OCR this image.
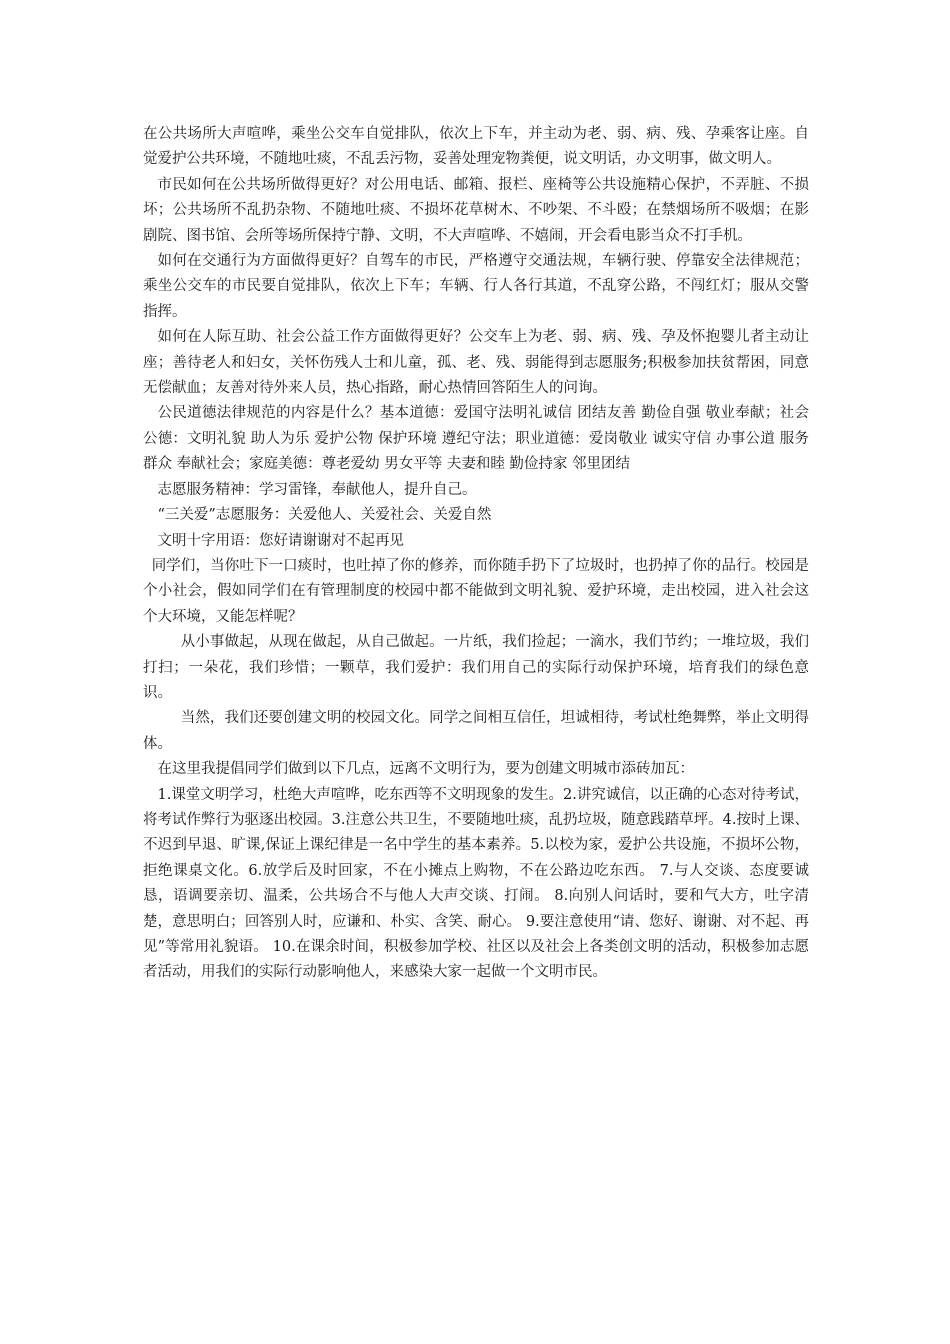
在公共场所大声喧哗，乘坐公交车自觉排队，依次上下车，并主动为老、弱、病、残、孕乘客让座。自觉爱护公共环境，不随地吐痰，不乱丢污物，妥善处理宠物粪便，说文明话，办文明事，做文明人。

市民如何在公共场所做得更好？对公用电话、邮箱、报栏、座椅等公共设施精心保护，不弄脏、不损坏；公共场所不乱扔杂物、不随地吐痰、不损坏花草树木、不吵架、不斗殴；在禁烟场所不吸烟；在影剧院、图书馆、会所等场所保持宁静、文明，不大声喧哗、不嬉闹，开会看电影当众不打手机。

如何在交通行为方面做得更好？自驾车的市民，严格遵守交通法规，车辆行驶、停靠安全法律规范；乘坐公交车的市民要自觉排队，依次上下车；车辆、行人各行其道，不乱穿公路，不闯红灯；服从交警指挥。

如何在人际互助、社会公益工作方面做得更好？公交车上为老、弱、病、残、孕及怀抱婴儿者主动让座；善待老人和妇女，关怀伤残人士和儿童，孤、老、残、弱能得到志愿服务;积极参加扶贫帮困，同意无偿献血；友善对待外来人员，热心指路，耐心热情回答陌生人的问询。

公民道德法律规范的内容是什么？基本道德：爱国守法明礼诚信 团结友善 勤俭自强 敬业奉献；社会公德：文明礼貌 助人为乐 爱护公物 保护环境 遵纪守法；职业道德：爱岗敬业 诚实守信 办事公道 服务群众 奉献社会；家庭美德：尊老爱幼 男女平等 夫妻和睦 勤俭持家 邻里团结

志愿服务精神：学习雷锋，奉献他人，提升自己。

“三关爱”志愿服务：关爱他人、关爱社会、关爱自然

文明十字用语：您好请谢谢对不起再见

同学们，当你吐下一口痰时，也吐掉了你的修养，而你随手扔下了垃圾时，也扔掉了你的品行。校园是个小社会，假如同学们在有管理制度的校园中都不能做到文明礼貌、爱护环境，走出校园，进入社会这个大环境，又能怎样呢？

从小事做起，从现在做起，从自己做起。一片纸，我们捡起；一滴水，我们节约；一堆垃圾，我们打扫；一朵花，我们珍惜；一颗草，我们爱护：我们用自己的实际行动保护环境，培育我们的绿色意识。

当然，我们还要创建文明的校园文化。同学之间相互信任，坦诚相待，考试杜绝舞弊，举止文明得体。

在这里我提倡同学们做到以下几点，远离不文明行为，要为创建文明城市添砖加瓦：

1.课堂文明学习，杜绝大声喧哗，吃东西等不文明现象的发生。2.讲究诚信，以正确的心态对待考试，将考试作弊行为驱逐出校园。3.注意公共卫生，不要随地吐痰，乱扔垃圾，随意践踏草坪。4.按时上课、不迟到早退、旷课,保证上课纪律是一名中学生的基本素养。5.以校为家，爱护公共设施，不损坏公物，拒绝课桌文化。6.放学后及时回家，不在小摊点上购物，不在公路边吃东西。 7.与人交谈、态度要诚恳，语调要亲切、温柔，公共场合不与他人大声交谈、打闹。 8.向别人问话时，要和气大方，吐字清楚，意思明白；回答别人时，应谦和、朴实、含笑、耐心。 9.要注意使用“请、您好、谢谢、对不起、再见”等常用礼貌语。 10.在课余时间，积极参加学校、社区以及社会上各类创文明的活动，积极参加志愿者活动，用我们的实际行动影响他人，来感染大家一起做一个文明市民。
